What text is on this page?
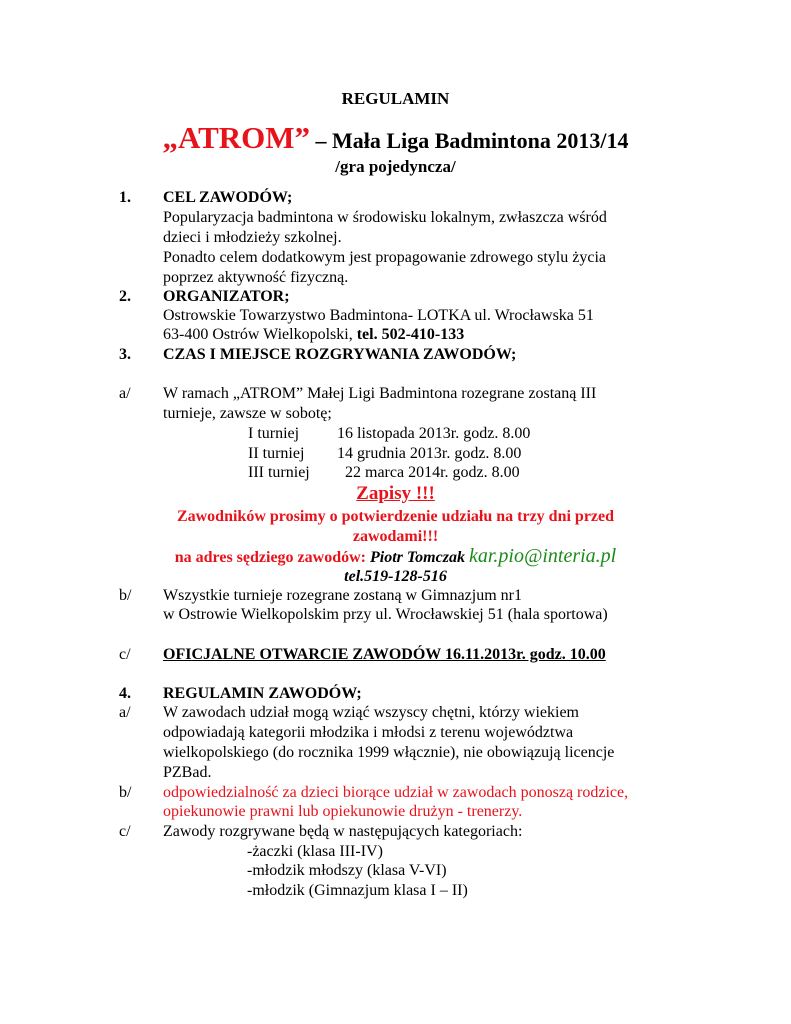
REGULAMIN
„ATROM” – Mała Liga Badmintona 2013/14
/gra pojedyncza/
1. CEL ZAWODÓW;
Popularyzacja badmintona w środowisku lokalnym, zwłaszcza wśród
dzieci i młodzieży szkolnej.
Ponadto celem dodatkowym jest propagowanie zdrowego stylu życia
poprzez aktywność fizyczną.
2. ORGANIZATOR;
Ostrowskie Towarzystwo Badmintona- LOTKA ul. Wrocławska 51
63-400 Ostrów Wielkopolski, tel. 502-410-133
3. CZAS I MIEJSCE ROZGRYWANIA ZAWODÓW;
a/ W ramach „ATROM” Małej Ligi Badmintona rozegrane zostaną III
turnieje, zawsze w sobotę;
I turniej 16 listopada 2013r. godz. 8.00
II turniej 14 grudnia 2013r. godz. 8.00
III turniej 22 marca 2014r. godz. 8.00
Zapisy !!!
Zawodników prosimy o potwierdzenie udziału na trzy dni przed
zawodami!!!
na adres sędziego zawodów: Piotr Tomczak kar.pio@interia.pl
tel.519-128-516
b/ Wszystkie turnieje rozegrane zostaną w Gimnazjum nr1
w Ostrowie Wielkopolskim przy ul. Wrocławskiej 51 (hala sportowa)
c/ OFICJALNE OTWARCIE ZAWODÓW 16.11.2013r. godz. 10.00
4. REGULAMIN ZAWODÓW;
a/ W zawodach udział mogą wziąć wszyscy chętni, którzy wiekiem
odpowiadają kategorii młodzika i młodsi z terenu województwa
wielkopolskiego (do rocznika 1999 włącznie), nie obowiązują licencje
PZBad.
b/ odpowiedzialność za dzieci biorące udział w zawodach ponoszą rodzice,
opiekunowie prawni lub opiekunowie drużyn - trenerzy.
c/ Zawody rozgrywane będą w następujących kategoriach:
-żaczki (klasa III-IV)
-młodzik młodszy (klasa V-VI)
-młodzik (Gimnazjum klasa I – II)
